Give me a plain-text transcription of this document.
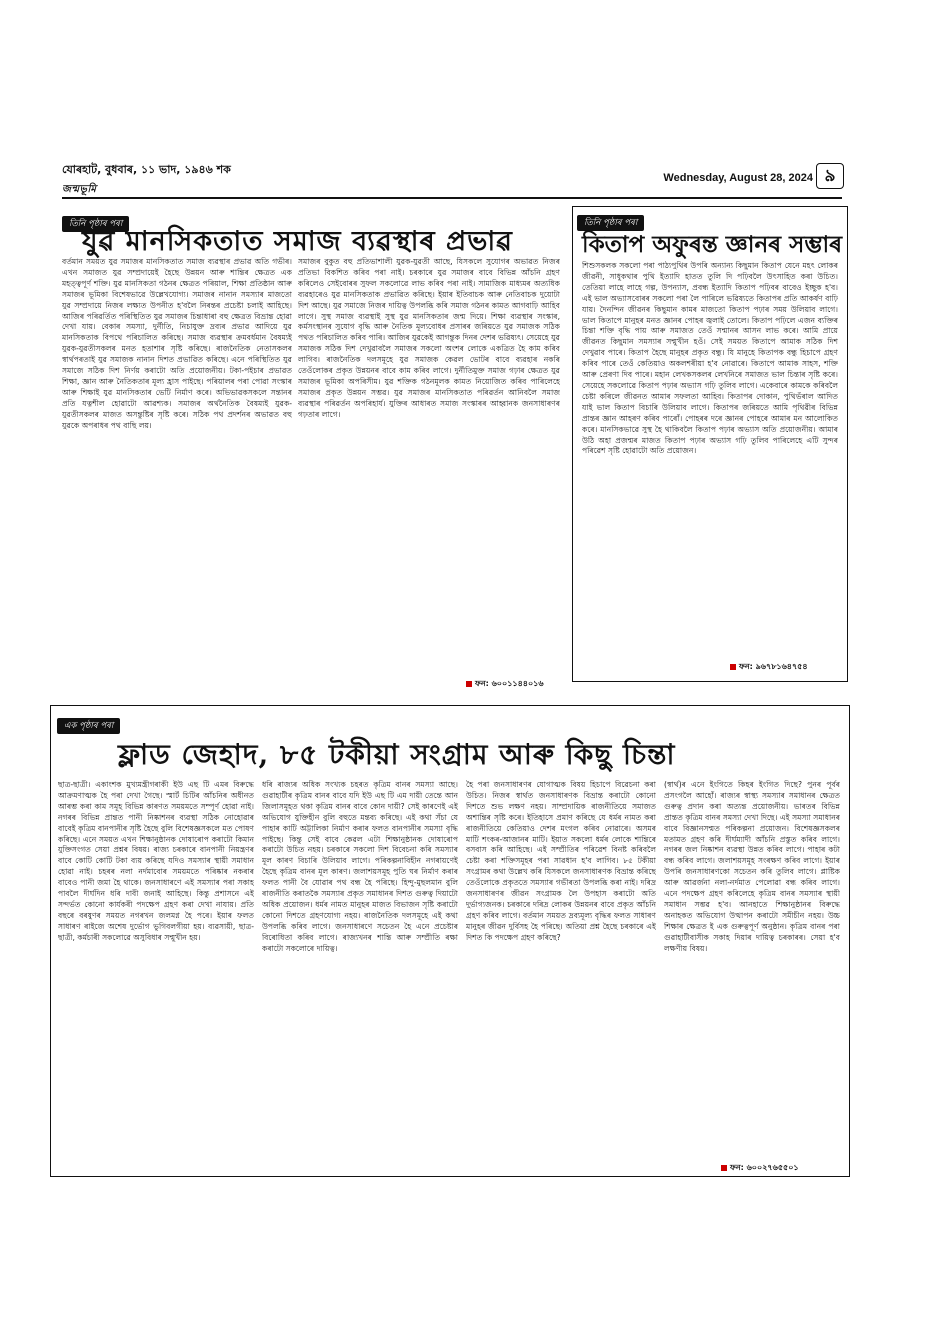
যোৰহাট, বুধবাৰ, ১১ ভাদ, ১৯৪৬ শক
জন্মভূমি
Wednesday, August 28, 2024 ৯
তিনি পৃষ্ঠাৰ পৰা
যুৱ মানসিকতাত সমাজ ব্যৱস্থাৰ প্ৰভাৱ
বৰ্তমান সময়ত যুৱ সমাজৰ মানসিকতাত সমাজ ব্যৱস্থাৰ প্ৰভাৱ অতি গভীৰ। এখন সমাজত যুৱ সম্প্ৰদায়েই হৈছে উন্নয়ন আৰু শান্তিৰ ক্ষেত্ৰত এক মহত্ত্বপূৰ্ণ শক্তি। যুৱ মানসিকতা গঠনৰ ক্ষেত্ৰত পৰিয়াল, শিক্ষা প্ৰতিষ্ঠান আৰু সমাজৰ ভূমিকা বিশেষভাৱে উল্লেখযোগ্য। সমাজৰ নানান সমস্যাৰ মাজতো যুৱ সম্প্ৰদায়ে নিজৰ লক্ষ্যত উপনীত হ'বলৈ নিৰন্তৰ প্ৰচেষ্টা চলাই আহিছে। আজিৰ পৰিৱৰ্তিত পৰিস্থিতিত যুৱ সমাজৰ চিন্তাধাৰা বহু ক্ষেত্ৰত বিভ্ৰান্ত হোৱা দেখা যায়। বেকাৰ সমস্যা, দুৰ্নীতি, নিচাযুক্ত দ্ৰব্যৰ প্ৰভাৱ আদিয়ে যুৱ মানসিকতাক বিপথে পৰিচালিত কৰিছে। সমাজ ব্যৱস্থাৰ ক্ৰমবৰ্ধমান বৈষম্যই যুৱক-যুৱতীসকলৰ মনত হতাশাৰ সৃষ্টি কৰিছে। ৰাজনৈতিক নেতাসকলৰ স্বাৰ্থপৰতাই যুৱ সমাজক নানান দিশত প্ৰভাৱিত কৰিছে। এনে পৰিস্থিতিত যুৱ সমাজে সঠিক দিশ নিৰ্ণয় কৰাটো অতি প্ৰয়োজনীয়। টকা-পইচাৰ প্ৰভাৱত শিক্ষা, জ্ঞান আৰু নৈতিকতাৰ মূল্য হ্ৰাস পাইছে। পৰিয়ালৰ পৰা পোৱা সংস্কাৰ আৰু শিক্ষাই যুৱ মানসিকতাৰ ভেটি নিৰ্মাণ কৰে। অভিভাৱকসকলে সন্তানৰ প্ৰতি যত্নশীল হোৱাটো আৱশ্যক। সমাজৰ অৰ্থনৈতিক বৈষম্যই যুৱক-যুৱতীসকলৰ মাজত অসন্তুষ্টিৰ সৃষ্টি কৰে। সঠিক পথ প্ৰদৰ্শনৰ অভাৱত বহু যুৱকে অপৰাধৰ পথ বাছি লয়।
সমাজৰ বুকুত বহু প্ৰতিভাশালী যুৱক-যুৱতী আছে, যিসকলে সুযোগৰ অভাৱত নিজৰ প্ৰতিভা বিকশিত কৰিব পৰা নাই। চৰকাৰে যুৱ সমাজৰ বাবে বিভিন্ন আঁচনি গ্ৰহণ কৰিলেও সেইবোৰৰ সুফল সকলোৱে লাভ কৰিব পৰা নাই। সামাজিক মাধ্যমৰ অত্যধিক ব্যৱহাৰেও যুৱ মানসিকতাক প্ৰভাৱিত কৰিছে। ইয়াৰ ইতিবাচক আৰু নেতিবাচক দুয়োটা দিশ আছে। যুৱ সমাজে নিজৰ দায়িত্ব উপলব্ধি কৰি সমাজ গঠনৰ কামত আগবাঢ়ি আহিব লাগে। সুস্থ সমাজ ব্যৱস্থাই সুস্থ যুৱ মানসিকতাৰ জন্ম দিয়ে। শিক্ষা ব্যৱস্থাৰ সংস্কাৰ, কৰ্মসংস্থানৰ সুযোগ বৃদ্ধি আৰু নৈতিক মূল্যবোধৰ প্ৰসাৰৰ জৰিয়তে যুৱ সমাজক সঠিক পথত পৰিচালিত কৰিব পাৰি। আজিৰ যুৱকেই আগন্তুক দিনৰ দেশৰ ভৱিষ্যৎ। সেয়েহে যুৱ সমাজক সঠিক দিশ দেখুৱাবলৈ সমাজৰ সকলো অংশৰ লোকে একত্ৰিত হৈ কাম কৰিব লাগিব। ৰাজনৈতিক দলসমূহে যুৱ সমাজক কেৱল ভোটৰ বাবে ব্যৱহাৰ নকৰি তেওঁলোকৰ প্ৰকৃত উন্নয়নৰ বাবে কাম কৰিব লাগে। দুৰ্নীতিমুক্ত সমাজ গঢ়াৰ ক্ষেত্ৰত যুৱ সমাজৰ ভূমিকা অপৰিসীম। যুৱ শক্তিক গঠনমূলক কামত নিয়োজিত কৰিব পাৰিলেহে সমাজৰ প্ৰকৃত উন্নয়ন সম্ভৱ। যুৱ সমাজৰ মানসিকতাত পৰিৱৰ্তন আনিবলৈ সমাজ ব্যৱস্থাৰ পৰিৱৰ্তন অপৰিহাৰ্য। যুক্তিৰ আধাৰত সমাজ সংস্কাৰৰ আহ্বানক জনসাধাৰণৰ গঢ়তাৰ লাগে।
ফন: ৬০০১১৪৪০১৬
তিনি পৃষ্ঠাৰ পৰা
কিতাপ অফুৰন্ত জ্ঞানৰ সম্ভাৰ
শিশুসকলক সকলো পৰা পাঠ্যপুথিৰ উপৰি অন্যান্য কিছুমান কিতাপ যেনে মহৎ লোকৰ জীৱনী, সাধুকথাৰ পুথি ইত্যাদি হাতত তুলি দি পঢ়িবলৈ উৎসাহিত কৰা উচিত। তেতিয়া লাহে লাহে গল্প, উপন্যাস, প্ৰবন্ধ ইত্যাদি কিতাপ পঢ়িবৰ বাবেও ইচ্ছুক হ'ব। এই ভাল অভ্যাসবোৰৰ সকলো পৰা লৈ পাৰিলে ভৱিষ্যতে কিতাপৰ প্ৰতি আকৰ্ষণ বাঢ়ি যায়। দৈনন্দিন জীৱনৰ কিছুমান কামৰ মাজতো কিতাপ পঢ়াৰ সময় উলিয়াব লাগে। ভাল কিতাপে মানুহৰ মনত জ্ঞানৰ পোহৰ জ্বলাই তোলে। কিতাপ পঢ়িলে এজন ব্যক্তিৰ চিন্তা শক্তি বৃদ্ধি পায় আৰু সমাজত তেওঁ সন্মানৰ আসন লাভ কৰে। আমি প্ৰায়ে জীৱনত কিছুমান সমস্যাৰ সন্মুখীন হওঁ। সেই সময়ত কিতাপে আমাক সঠিক দিশ দেখুৱাব পাৰে। কিতাপ হৈছে মানুহৰ প্ৰকৃত বন্ধু। যি মানুহে কিতাপক বন্ধু হিচাপে গ্ৰহণ কৰিব পাৰে তেওঁ কেতিয়াও অকলশৰীয়া হ'ব নোৱাৰে। কিতাপে আমাক সাহস, শক্তি আৰু প্ৰেৰণা দিব পাৰে। মহান লেখকসকলৰ লেখনিৰে সমাজত ভাল চিন্তাৰ সৃষ্টি কৰে। সেয়েহে সকলোৱে কিতাপ পঢ়াৰ অভ্যাস গঢ়ি তুলিব লাগে। একেবাৰে কামকে কৰিবলৈ চেষ্টা কৰিলে জীৱনত আমাৰ সফলতা আহিব। কিতাপৰ দোকান, পুথিভঁৰাল আদিত যাই ভাল কিতাপ বিচাৰি উলিয়াব লাগে। কিতাপৰ জৰিয়তে আমি পৃথিৱীৰ বিভিন্ন প্ৰান্তৰ জ্ঞান আহৰণ কৰিব পাৰোঁ। পোহৰৰ দৰে জ্ঞানৰ পোহৰে আমাৰ মন আলোকিত কৰে। মানসিকভাৱে সুস্থ হৈ থাকিবলৈ কিতাপ পঢ়াৰ অভ্যাস অতি প্ৰয়োজনীয়। আমাৰ উঠি অহা প্ৰজন্মৰ মাজত কিতাপ পঢ়াৰ অভ্যাস গঢ়ি তুলিব পাৰিলেহে এটি সুন্দৰ পৰিৱেশ সৃষ্টি হোৱাটো অতি প্ৰয়োজন।
ফন: ৯৬৭৮১৬৪৭৫৪
এক পৃষ্ঠাৰ পৰা
ফ্লাড জেহাদ, ৮৫ টকীয়া সংগ্ৰাম আৰু কিছু চিন্তা
ছাত্ৰ-ছাত্ৰী। একাংশক মুখ্যমন্ত্ৰীগৰাকী ইউ এছ টি এমৰ বিৰুদ্ধে আক্ৰমণাত্মক হৈ পৰা দেখা গৈছে। স্মাৰ্ট চিটিৰ আঁচনিৰ অধীনত আৰম্ভ কৰা কাম সমূহ বিভিন্ন কাৰণত সময়মতে সম্পূৰ্ণ হোৱা নাই। নগৰৰ বিভিন্ন প্ৰান্তত পানী নিষ্কাশনৰ ব্যৱস্থা সঠিক নোহোৱাৰ বাবেই কৃত্ৰিম বানপানীৰ সৃষ্টি হৈছে বুলি বিশেষজ্ঞসকলে মত পোষণ কৰিছে। এনে সময়ত এখন শিক্ষানুষ্ঠানক দোষাৰোপ কৰাটো কিমান যুক্তিসংগত সেয়া প্ৰশ্নৰ বিষয়। ৰাজ্য চৰকাৰে বানপানী নিয়ন্ত্ৰণৰ বাবে কোটি কোটি টকা ব্যয় কৰিছে যদিও সমস্যাৰ স্থায়ী সমাধান হোৱা নাই। চহৰৰ নলা নৰ্দমাবোৰ সময়মতে পৰিষ্কাৰ নকৰাৰ বাবেও পানী জমা হৈ থাকে। জনসাধাৰণে এই সমস্যাৰ পৰা সকাহ পাবলৈ দীৰ্ঘদিন ধৰি দাবী জনাই আহিছে। কিন্তু প্ৰশাসনে এই সন্দৰ্ভত কোনো কাৰ্যকৰী পদক্ষেপ গ্ৰহণ কৰা দেখা নাযায়। প্ৰতি বছৰে বৰষুণৰ সময়ত নগৰখন জলমগ্ন হৈ পৰে। ইয়াৰ ফলত সাধাৰণ ৰাইজে অশেষ দুৰ্ভোগ ভুগিবলগীয়া হয়। ব্যৱসায়ী, ছাত্ৰ-ছাত্ৰী, কৰ্মচাৰী সকলোৱে অসুবিধাৰ সন্মুখীন হয়।
ধৰি ৰাজ্যৰ অধিক সংখ্যক চহৰত কৃত্ৰিম বানৰ সমস্যা আছে। গুৱাহাটীৰ কৃত্ৰিম বানৰ বাবে যদি ইউ এছ টি এম দায়ী তেন্তে আন জিলাসমূহত থকা কৃত্ৰিম বানৰ বাবে কোন দায়ী? সেই কাৰণেই এই অভিযোগ যুক্তিহীন বুলি বহুতে মন্তব্য কৰিছে। এই কথা সঁচা যে পাহাৰ কাটি অট্টালিকা নিৰ্মাণ কৰাৰ ফলত বানপানীৰ সমস্যা বৃদ্ধি পাইছে। কিন্তু সেই বাবে কেৱল এটা শিক্ষানুষ্ঠানক দোষাৰোপ কৰাটো উচিত নহয়। চৰকাৰে সকলো দিশ বিবেচনা কৰি সমস্যাৰ মূল কাৰণ বিচাৰি উলিয়াব লাগে। পৰিকল্পনাবিহীন নগৰায়ণেই হৈছে কৃত্ৰিম বানৰ মূল কাৰণ। জলাশয়সমূহ পুতি ঘৰ নিৰ্মাণ কৰাৰ ফলত পানী বৈ যোৱাৰ পথ বন্ধ হৈ পৰিছে। হিন্দু-মুছলমান বুলি ৰাজনীতি কৰাতকৈ সমস্যাৰ প্ৰকৃত সমাধানৰ দিশত গুৰুত্ব দিয়াটো অধিক প্ৰয়োজন। ধৰ্মৰ নামত মানুহৰ মাজত বিভাজন সৃষ্টি কৰাটো কোনো দিশতে গ্ৰহণযোগ্য নহয়। ৰাজনৈতিক দলসমূহে এই কথা উপলব্ধি কৰিব লাগে। জনসাধাৰণে সচেতন হৈ এনে প্ৰচেষ্টাৰ বিৰোধিতা কৰিব লাগে। ৰাজ্যখনৰ শান্তি আৰু সম্প্ৰীতি ৰক্ষা কৰাটো সকলোৰে দায়িত্ব।
হৈ পৰা জনসাধাৰণৰ যোগাত্মক বিষয় হিচাপে বিৱেচনা কৰা উচিত। নিজৰ স্বাৰ্থত জনসাধাৰণক বিভ্ৰান্ত কৰাটো কোনো দিশতে শুভ লক্ষণ নহয়। সাম্প্ৰদায়িক ৰাজনীতিয়ে সমাজত অশান্তিৰ সৃষ্টি কৰে। ইতিহাসে প্ৰমাণ কৰিছে যে ধৰ্মৰ নামত কৰা ৰাজনীতিয়ে কেতিয়াও দেশৰ মংগল কৰিব নোৱাৰে। অসমৰ মাটি শংকৰ-আজানৰ মাটি। ইয়াত সকলো ধৰ্মৰ লোকে শান্তিৰে বসবাস কৰি আহিছে। এই সম্প্ৰীতিৰ পৰিৱেশ বিনষ্ট কৰিবলৈ চেষ্টা কৰা শক্তিসমূহৰ পৰা সাৱধান হ'ব লাগিব। ৮৫ টকীয়া সংগ্ৰামৰ কথা উল্লেখ কৰি যিসকলে জনসাধাৰণক বিভ্ৰান্ত কৰিছে তেওঁলোকে প্ৰকৃততে সমস্যাৰ গভীৰতা উপলব্ধি কৰা নাই। দৰিদ্ৰ জনসাধাৰণৰ জীৱন সংগ্ৰামক লৈ উপহাস কৰাটো অতি দুৰ্ভাগ্যজনক। চৰকাৰে দৰিদ্ৰ লোকৰ উন্নয়নৰ বাবে প্ৰকৃত আঁচনি গ্ৰহণ কৰিব লাগে। বৰ্তমান সময়ত দ্ৰব্যমূল্য বৃদ্ধিৰ ফলত সাধাৰণ মানুহৰ জীৱন দুৰ্বিসহ হৈ পৰিছে। অতিয়া প্ৰশ্ন হৈছে চৰকাৰে এই দিশত কি পদক্ষেপ গ্ৰহণ কৰিছে?
(স্বাৰ্থ)ৰ এনে ইংগিতে কিহৰ ইংগিত দিছে? পুনৰ পূৰ্বৰ প্ৰসংগলৈ আহোঁ। ৰাজ্যৰ স্বাস্থ্য সমস্যাৰ সমাধানৰ ক্ষেত্ৰত গুৰুত্ব প্ৰদান কৰা অত্যন্ত প্ৰয়োজনীয়। ভাৰতৰ বিভিন্ন প্ৰান্তত কৃত্ৰিম বানৰ সমস্যা দেখা দিছে। এই সমস্যা সমাধানৰ বাবে বিজ্ঞানসন্মত পৰিকল্পনা প্ৰয়োজন। বিশেষজ্ঞসকলৰ মতামত গ্ৰহণ কৰি দীৰ্ঘম্যাদী আঁচনি প্ৰস্তুত কৰিব লাগে। নগৰৰ জল নিষ্কাশন ব্যৱস্থা উন্নত কৰিব লাগে। পাহাৰ কটা বন্ধ কৰিব লাগে। জলাশয়সমূহ সংৰক্ষণ কৰিব লাগে। ইয়াৰ উপৰি জনসাধাৰণকো সচেতন কৰি তুলিব লাগে। প্লাষ্টিক আৰু আৱৰ্জনা নলা-নৰ্দমাত পেলোৱা বন্ধ কৰিব লাগে। এনে পদক্ষেপ গ্ৰহণ কৰিলেহে কৃত্ৰিম বানৰ সমস্যাৰ স্থায়ী সমাধান সম্ভৱ হ'ব। আনহাতে শিক্ষানুষ্ঠানৰ বিৰুদ্ধে অনাহকত অভিযোগ উত্থাপন কৰাটো সমীচীন নহয়। উচ্চ শিক্ষাৰ ক্ষেত্ৰত ই এক গুৰুত্বপূৰ্ণ অনুষ্ঠান। কৃত্ৰিম বানৰ পৰা গুৱাহাটীবাসীক সকাহ দিয়াৰ দায়িত্ব চৰকাৰৰ। সেয়া হ'ব লক্ষণীয় বিষয়।
ফন: ৬০০২৭৬৫৫০১
